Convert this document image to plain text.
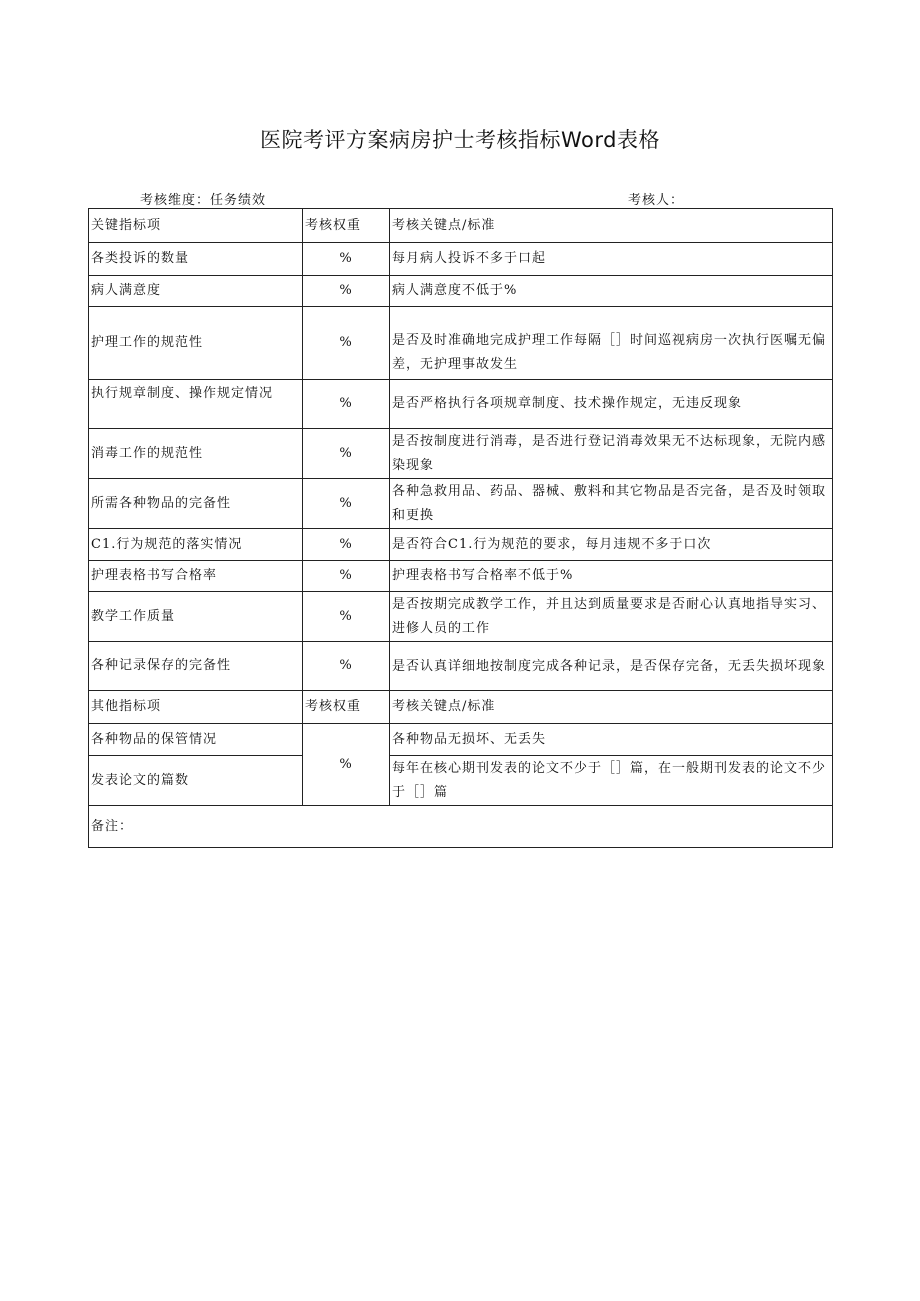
医院考评方案病房护士考核指标Word表格
考核维度：任务绩效	考核人：
关键指标项	考核权重	考核关键点/标准
各类投诉的数量	%	每月病人投诉不多于口起
病人满意度	%	病人满意度不低于%
护理工作的规范性	%	是否及时准确地完成护理工作每隔［］时间巡视病房一次执行医嘱无偏差，无护理事故发生
执行规章制度、操作规定情况	%	是否严格执行各项规章制度、技术操作规定，无违反现象
消毒工作的规范性	%	是否按制度进行消毒，是否进行登记消毒效果无不达标现象，无院内感染现象
所需各种物品的完备性	%	各种急救用品、药品、器械、敷料和其它物品是否完备，是否及时领取和更换
C1.行为规范的落实情况	%	是否符合C1.行为规范的要求，每月违规不多于口次
护理表格书写合格率	%	护理表格书写合格率不低于%
教学工作质量	%	是否按期完成教学工作，并且达到质量要求是否耐心认真地指导实习、进修人员的工作
各种记录保存的完备性	%	是否认真详细地按制度完成各种记录，是否保存完备，无丢失损坏现象
其他指标项	考核权重	考核关键点/标准
各种物品的保管情况	%	各种物品无损坏、无丢失
发表论文的篇数		每年在核心期刊发表的论文不少于［］篇，在一般期刊发表的论文不少于［］篇
备注：		
